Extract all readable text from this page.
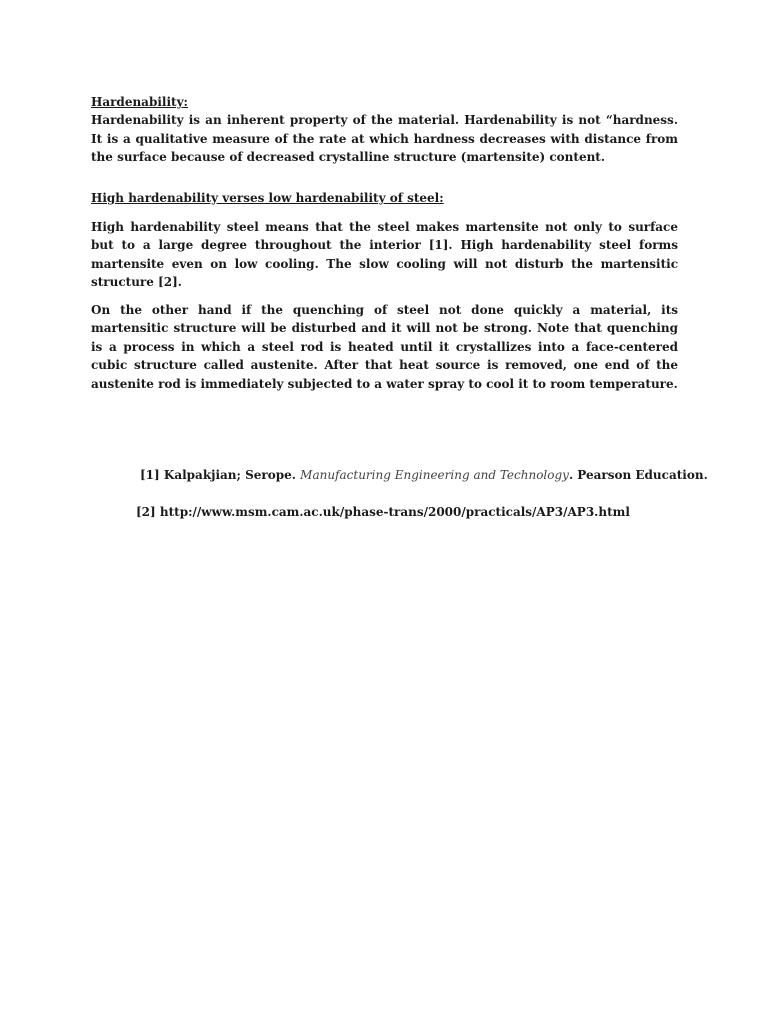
Hardenability:

Hardenability is an inherent property of the material. Hardenability is not “hardness. It is a qualitative measure of the rate at which hardness decreases with distance from the surface because of decreased crystalline structure (martensite) content.

High hardenability verses low hardenability of steel:

High hardenability steel means that the steel makes martensite not only to surface but to a large degree throughout the interior [1]. High hardenability steel forms martensite even on low cooling. The slow cooling will not disturb the martensitic structure [2].

On the other hand if the quenching of steel not done quickly a material, its martensitic structure will be disturbed and it will not be strong. Note that quenching is a process in which a steel rod is heated until it crystallizes into a face-centered cubic structure called austenite. After that heat source is removed, one end of the austenite rod is immediately subjected to a water spray to cool it to room temperature.

[1] Kalpakjian; Serope. Manufacturing Engineering and Technology. Pearson Education.

[2] http://www.msm.cam.ac.uk/phase-trans/2000/practicals/AP3/AP3.html
